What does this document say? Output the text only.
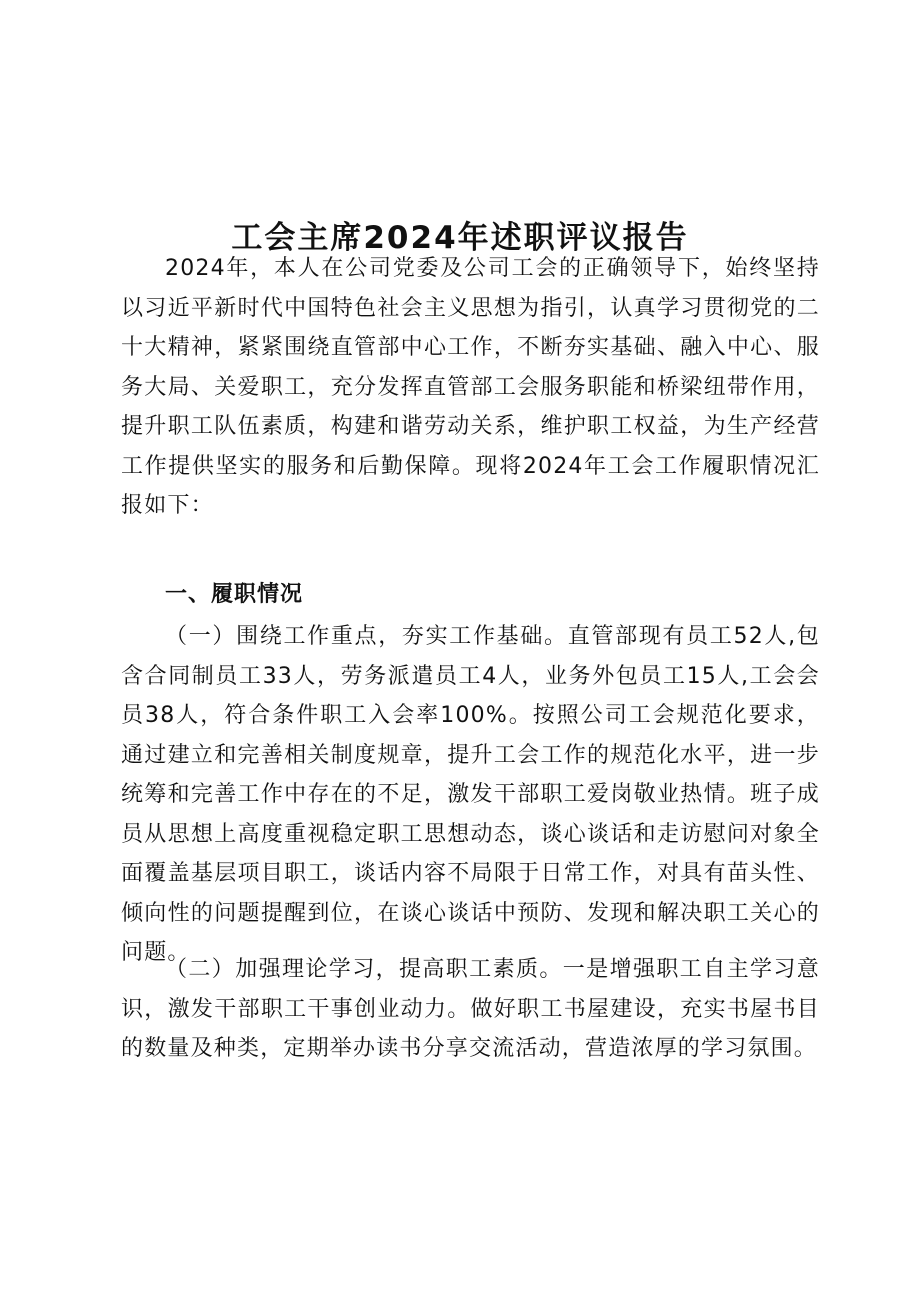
工会主席2024年述职评议报告

2024年，本人在公司党委及公司工会的正确领导下，始终坚持以习近平新时代中国特色社会主义思想为指引，认真学习贯彻党的二十大精神，紧紧围绕直管部中心工作，不断夯实基础、融入中心、服务大局、关爱职工，充分发挥直管部工会服务职能和桥梁纽带作用，提升职工队伍素质，构建和谐劳动关系，维护职工权益，为生产经营工作提供坚实的服务和后勤保障。现将2024年工会工作履职情况汇报如下：

一、履职情况

（一）围绕工作重点，夯实工作基础。直管部现有员工52人,包含合同制员工33人，劳务派遣员工4人，业务外包员工15人,工会会员38人，符合条件职工入会率100%。按照公司工会规范化要求，通过建立和完善相关制度规章，提升工会工作的规范化水平，进一步统筹和完善工作中存在的不足，激发干部职工爱岗敬业热情。班子成员从思想上高度重视稳定职工思想动态，谈心谈话和走访慰问对象全面覆盖基层项目职工，谈话内容不局限于日常工作，对具有苗头性、倾向性的问题提醒到位，在谈心谈话中预防、发现和解决职工关心的问题。

（二）加强理论学习，提高职工素质。一是增强职工自主学习意识，激发干部职工干事创业动力。做好职工书屋建设，充实书屋书目的数量及种类，定期举办读书分享交流活动，营造浓厚的学习氛围。
